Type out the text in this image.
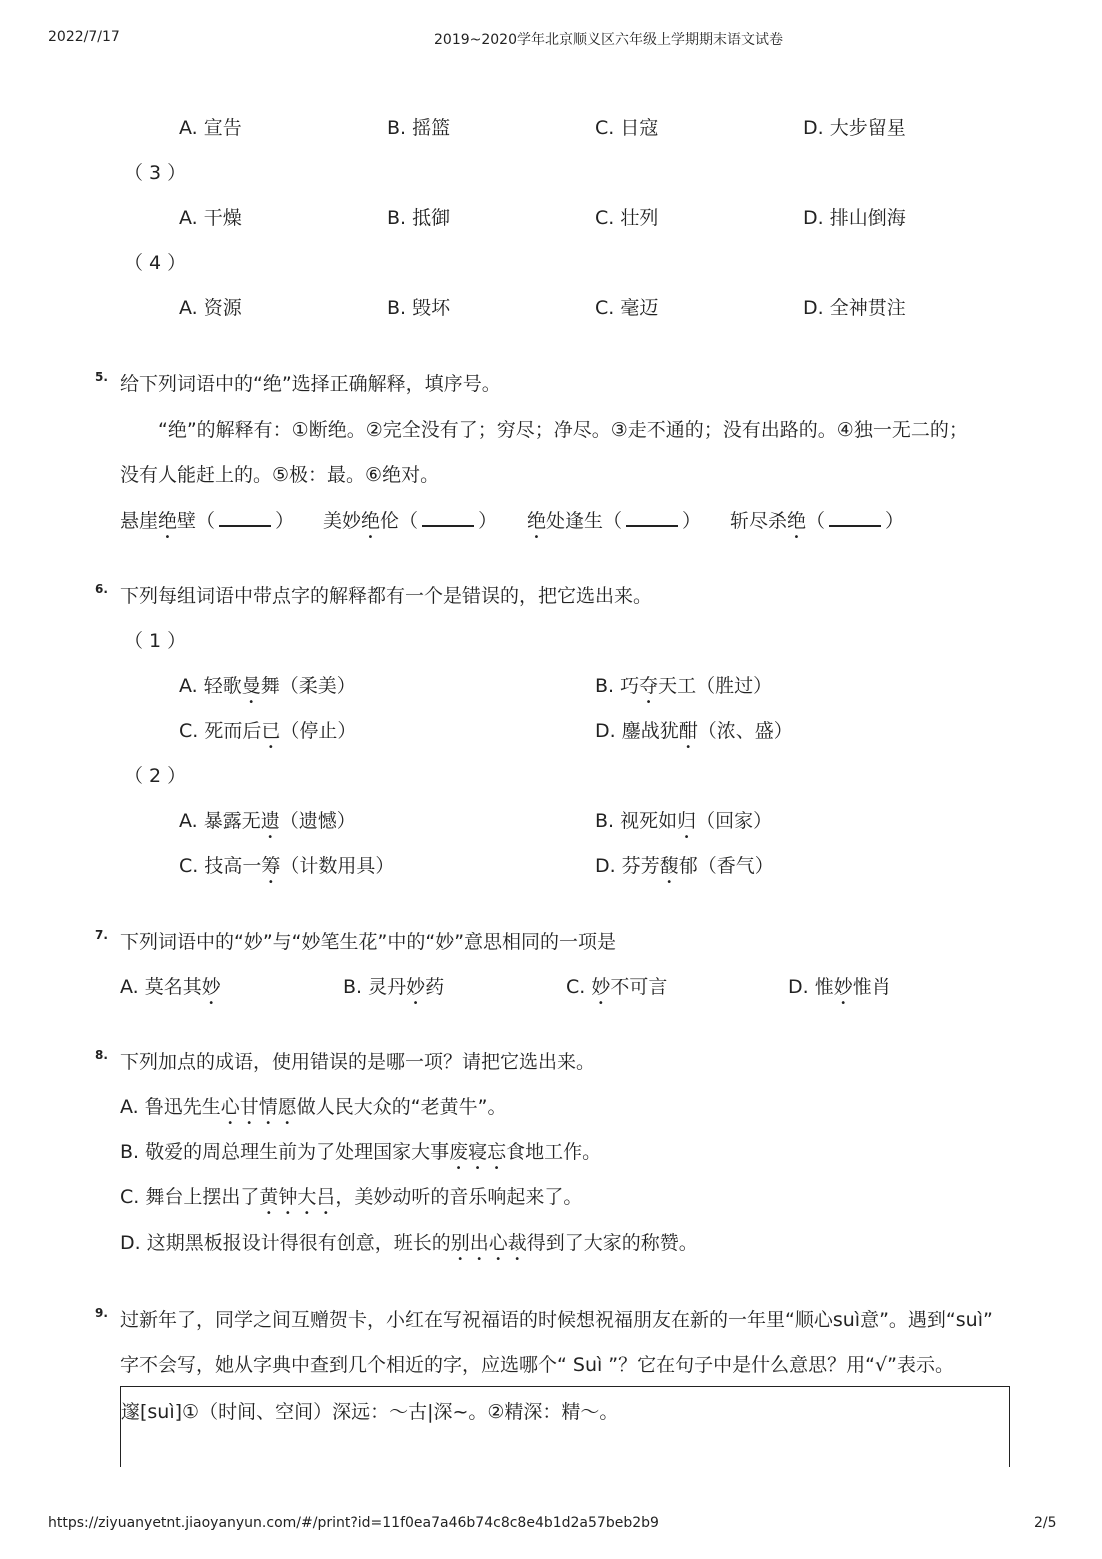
2022/7/17	2019~2020学年北京顺义区六年级上学期期末语文试卷
A. 宣告	B. 摇篮	C. 日寇	D. 大步留星
（ 3 ）
A. 干燥	B. 抵御	C. 壮列	D. 排山倒海
（ 4 ）
A. 资源	B. 毁坏	C. 毫迈	D. 全神贯注
5. 给下列词语中的“绝”选择正确解释，填序号。
“绝”的解释有：①断绝。②完全没有了；穷尽；净尽。③走不通的；没有出路的。④独一无二的；
没有人能赶上的。⑤极：最。⑥绝对。
悬崖绝壁（	） 美妙绝伦（	） 绝处逢生（	） 斩尽杀绝（	）
6. 下列每组词语中带点字的解释都有一个是错误的，把它选出来。
（ 1 ）
A. 轻歌曼舞（柔美）	B. 巧夺天工（胜过）
C. 死而后已（停止）	D. 鏖战犹酣（浓、盛）
（ 2 ）
A. 暴露无遗（遗憾）	B. 视死如归（回家）
C. 技高一筹（计数用具）	D. 芬芳馥郁（香气）
7. 下列词语中的“妙”与“妙笔生花”中的“妙”意思相同的一项是
A. 莫名其妙	B. 灵丹妙药	C. 妙不可言	D. 惟妙惟肖
8. 下列加点的成语，使用错误的是哪一项？请把它选出来。
A. 鲁迅先生心甘情愿做人民大众的“老黄牛”。
B. 敬爱的周总理生前为了处理国家大事废寝忘食地工作。
C. 舞台上摆出了黄钟大吕，美妙动听的音乐响起来了。
D. 这期黑板报设计得很有创意，班长的别出心裁得到了大家的称赞。
9. 过新年了，同学之间互赠贺卡，小红在写祝福语的时候想祝福朋友在新的一年里“顺心suì意”。遇到“suì”
字不会写，她从字典中查到几个相近的字，应选哪个“ Suì ”？它在句子中是什么意思？用“√”表示。
邃[suì]①（时间、空间）深远：～古|深~。②精深：精～。
https://ziyuanyetnt.jiaoyanyun.com/#/print?id=11f0ea7a46b74c8c8e4b1d2a57beb2b9	2/5
